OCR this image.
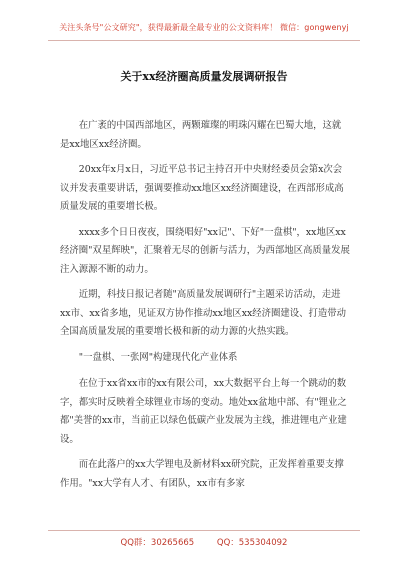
关注头条号"公文研究"，获得最新最全最专业的公文资料库！ 微信：gongwenyj
关于xx经济圈高质量发展调研报告

在广袤的中国西部地区，两颗璀璨的明珠闪耀在巴蜀大地，这就是xx地区xx经济圈。

20xx年x月x日，习近平总书记主持召开中央财经委员会第x次会议并发表重要讲话，强调要推动xx地区xx经济圈建设，在西部形成高质量发展的重要增长极。

xxxx多个日日夜夜，围绕唱好"xx记"、下好"一盘棋"，xx地区xx经济圈"双星辉映"，汇聚着无尽的创新与活力，为西部地区高质量发展注入源源不断的动力。

近期，科技日报记者随"高质量发展调研行"主题采访活动，走进xx市、xx省多地，见证双方协作推动xx地区xx经济圈建设、打造带动全国高质量发展的重要增长极和新的动力源的火热实践。

"一盘棋、一张网"构建现代化产业体系

在位于xx省xx市的xx有限公司，xx大数据平台上每一个跳动的数字，都实时反映着全球锂业市场的变动。地处xx盆地中部、有"锂业之都"美誉的xx市，当前正以绿色低碳产业发展为主线，推进锂电产业建设。

而在此落户的xx大学锂电及新材料xx研究院，正发挥着重要支撑作用。"xx大学有人才、有团队，xx市有多家

QQ群：30265665	QQ：535304092
